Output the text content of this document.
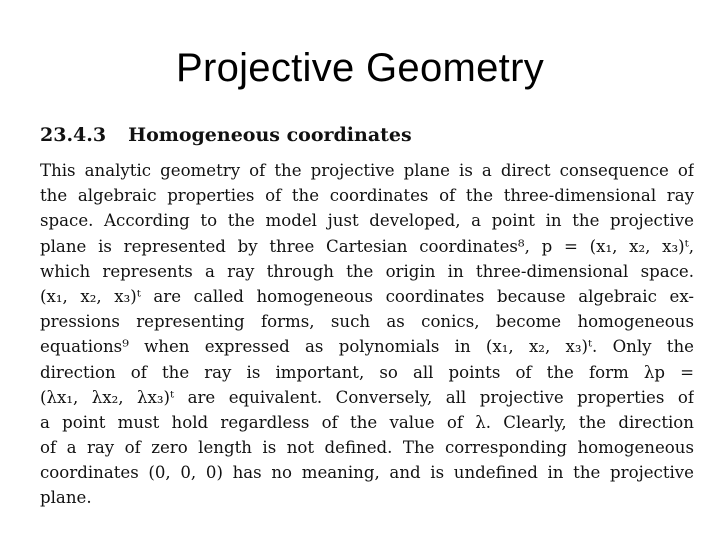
Projective Geometry
23.4.3 Homogeneous coordinates
This analytic geometry of the projective plane is a direct consequence of
the algebraic properties of the coordinates of the three-dimensional ray
space. According to the model just developed, a point in the projective
plane is represented by three Cartesian coordinates⁸, p = (x₁, x₂, x₃)ᵗ,
which represents a ray through the origin in three-dimensional space.
(x₁, x₂, x₃)ᵗ are called homogeneous coordinates because algebraic ex-
pressions representing forms, such as conics, become homogeneous
equations⁹ when expressed as polynomials in (x₁, x₂, x₃)ᵗ. Only the
direction of the ray is important, so all points of the form λp =
(λx₁, λx₂, λx₃)ᵗ are equivalent. Conversely, all projective properties of
a point must hold regardless of the value of λ. Clearly, the direction
of a ray of zero length is not defined. The corresponding homogeneous
coordinates (0, 0, 0) has no meaning, and is undefined in the projective
plane.
